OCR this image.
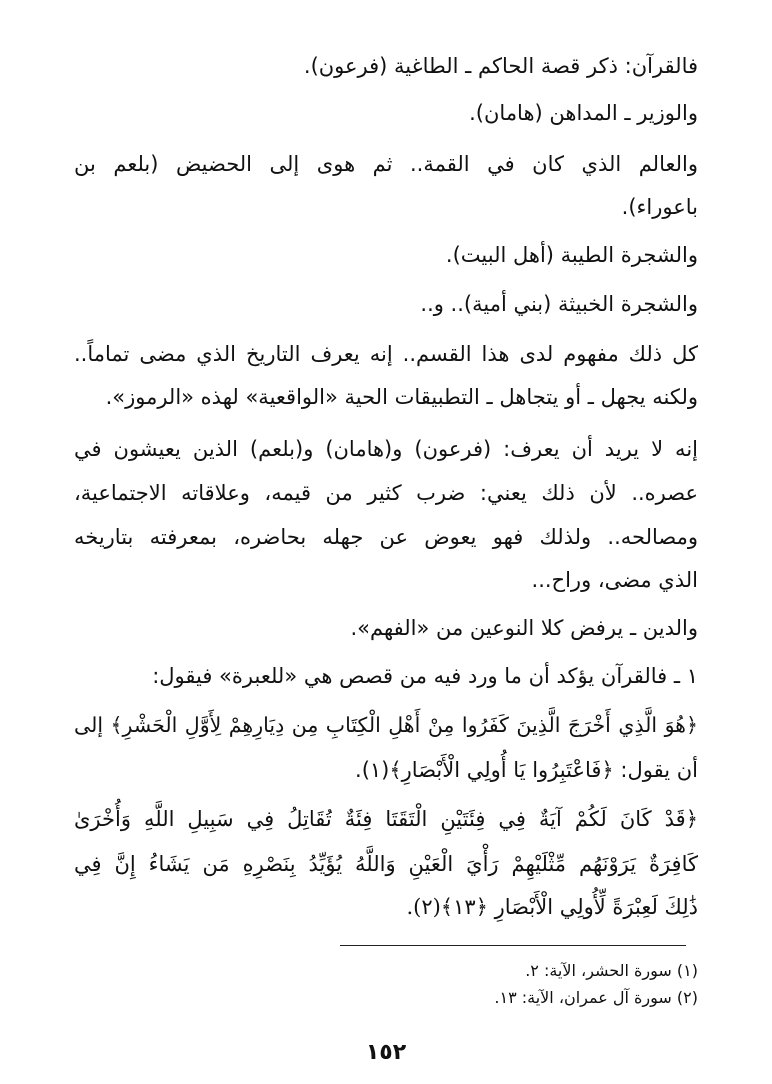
فالقرآن: ذكر قصة الحاكم ـ الطاغية (فرعون).
والوزير ـ المداهن (هامان).
والعالم الذي كان في القمة.. ثم هوى إلى الحضيض (بلعم بن
باعوراء).
والشجرة الطيبة (أهل البيت).
والشجرة الخبيثة (بني أمية).. و..
كل ذلك مفهوم لدى هذا القسم.. إنه يعرف التاريخ الذي مضى تماماً..
ولكنه يجهل ـ أو يتجاهل ـ التطبيقات الحية «الواقعية» لهذه «الرموز».
إنه لا يريد أن يعرف: (فرعون) و(هامان) و(بلعم) الذين يعيشون في
عصره.. لأن ذلك يعني: ضرب كثير من قيمه، وعلاقاته الاجتماعية،
ومصالحه.. ولذلك فهو يعوض عن جهله بحاضره، بمعرفته بتاريخه
الذي مضى، وراح...
والدين ـ يرفض كلا النوعين من «الفهم».
١ ـ فالقرآن يؤكد أن ما ورد فيه من قصص هي «للعبرة» فيقول:
﴿هُوَ الَّذِي أَخْرَجَ الَّذِينَ كَفَرُوا مِنْ أَهْلِ الْكِتَابِ مِن دِيَارِهِمْ لِأَوَّلِ الْحَشْرِ﴾ إلى
أن يقول: ﴿فَاعْتَبِرُوا يَا أُولِي الْأَبْصَارِ﴾(١).
﴿قَدْ كَانَ لَكُمْ آيَةٌ فِي فِئَتَيْنِ الْتَقَتَا فِئَةٌ تُقَاتِلُ فِي سَبِيلِ اللَّهِ وَأُخْرَىٰ
كَافِرَةٌ يَرَوْنَهُم مِّثْلَيْهِمْ رَأْيَ الْعَيْنِ وَاللَّهُ يُؤَيِّدُ بِنَصْرِهِ مَن يَشَاءُ إِنَّ فِي
ذَٰلِكَ لَعِبْرَةً لِّأُولِي الْأَبْصَارِ ﴿١٣﴾(٢).
(١) سورة الحشر، الآية: ٢.
(٢) سورة آل عمران، الآية: ١٣.
١٥٢
